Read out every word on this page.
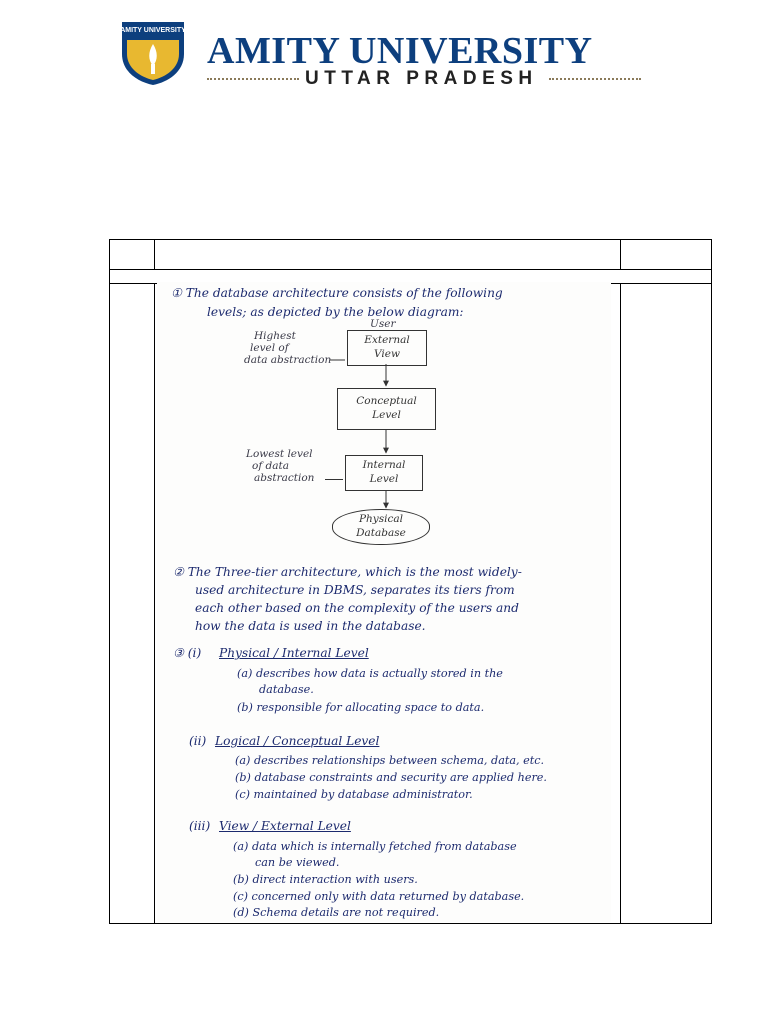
AMITY UNIVERSITY AMITY UNIVERSITY
UTTAR PRADESH
① The database architecture consists of the following
levels; as depicted by the below diagram:
Highest
level of
data abstraction
User
External
View
Conceptual
Level
Lowest level
of data
abstraction
Internal
Level
Physical
Database
② The Three-tier architecture, which is the most widely-
used architecture in DBMS, separates its tiers from
each other based on the complexity of the users and
how the data is used in the database.
③ (i) Physical / Internal Level
(a) describes how data is actually stored in the
database.
(b) responsible for allocating space to data.
(ii) Logical / Conceptual Level
(a) describes relationships between schema, data, etc.
(b) database constraints and security are applied here.
(c) maintained by database administrator.
(iii) View / External Level
(a) data which is internally fetched from database
can be viewed.
(b) direct interaction with users.
(c) concerned only with data returned by database.
(d) Schema details are not required.
